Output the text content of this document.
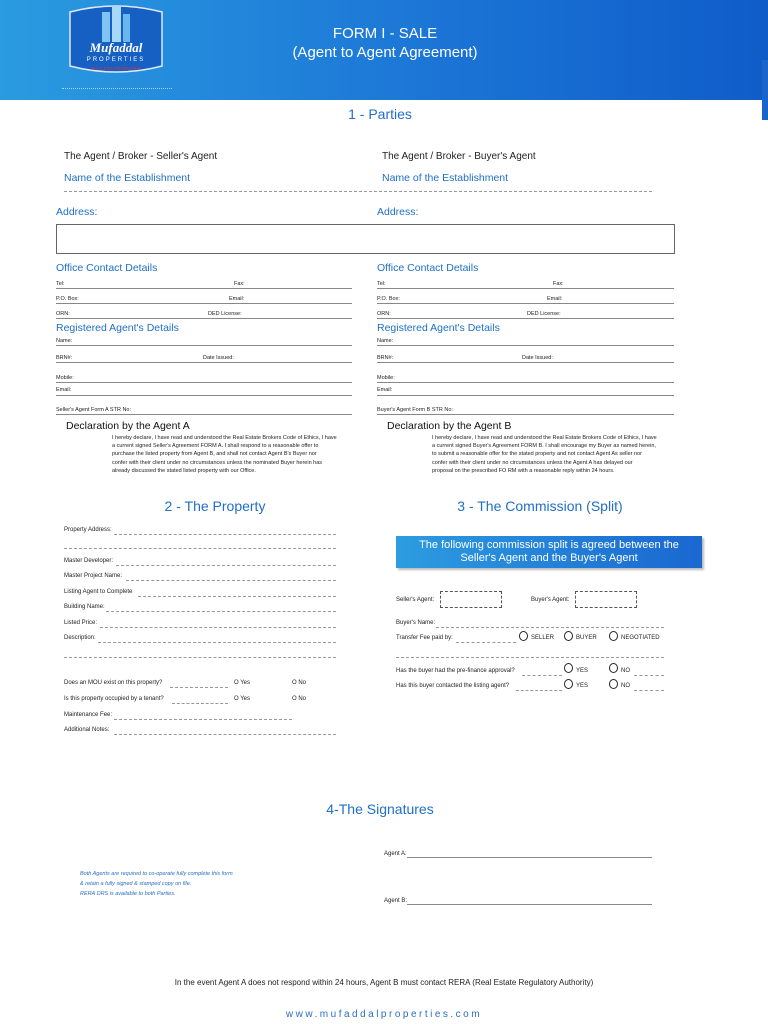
Mufaddal
PROPERTIES
REAL ESTATE BROKER
FORM I - SALE
(Agent to Agent Agreement)
1 - Parties
The Agent / Broker - Seller's Agent	The Agent / Broker - Buyer's Agent
Name of the Establishment	Name of the Establishment
Address:	Address:
Office Contact Details	Office Contact Details
Tel:	Fax:
P.O. Box:	Email:
ORN:	DED License:
Tel:	Fax:
P.O. Box:	Email:
ORN:	DED License:
Registered Agent's Details	Registered Agent's Details
Name:
BRN#:	Date Issued:
Mobile:
Email:
Seller's Agent Form A STR No:
Name:
BRN#:	Date Issued:
Mobile:
Email:
Buyer's Agent Form B STR No:
Declaration by the Agent A
I hereby declare, I have read and understood the Real Estate Brokers Code of Ethics, I have
a current signed Seller's Agreement FORM A. I shall respond to a reasonable offer to
purchase the listed property from Agent B, and shall not contact Agent B's Buyer nor
confer with their client under no circumstances unless the nominated Buyer herein has
already discussed the stated listed property with our Office.
Declaration by the Agent B
I hereby declare, I have read and understood the Real Estate Brokers Code of Ethics, I have
a current signed Buyer's Agreement FORM B. I shall encourage my Buyer as named herein,
to submit a reasonable offer for the stated property and not contact Agent As seller nor
confer with their client under no circumstances unless the Agent A has delayed our
proposal on the prescribed FO RM with a reasonable reply within 24 hours.
2 - The Property	3 - The Commission (Split)
Property Address:
Master Developer:
Master Project Name:
Listing Agent to Complete
Building Name:
Listed Price:
Description:
Does an MOU exist on this property?	O Yes	O No
Is this property occupied by a tenant?	O Yes	O No
Maintenance Fee:
Additional Notes:
The following commission split is agreed between the
Seller's Agent and the Buyer's Agent
Seller's Agent:	Buyer's Agent:
Buyer's Name:
Transfer Fee paid by:	SELLER	BUYER	NEGOTIATED
Has the buyer had the pre-finance approval?	YES	NO
Has this buyer contacted the listing agent?	YES	NO
4-The Signatures
Agent A:
Agent B:
Both Agents are required to co-operate fully complete this form
& retain a fully signed & stamped copy on file.
RERA DRS is available to both Parties.
In the event Agent A does not respond within 24 hours, Agent B must contact RERA (Real Estate Regulatory Authority)
www.mufaddalproperties.com
